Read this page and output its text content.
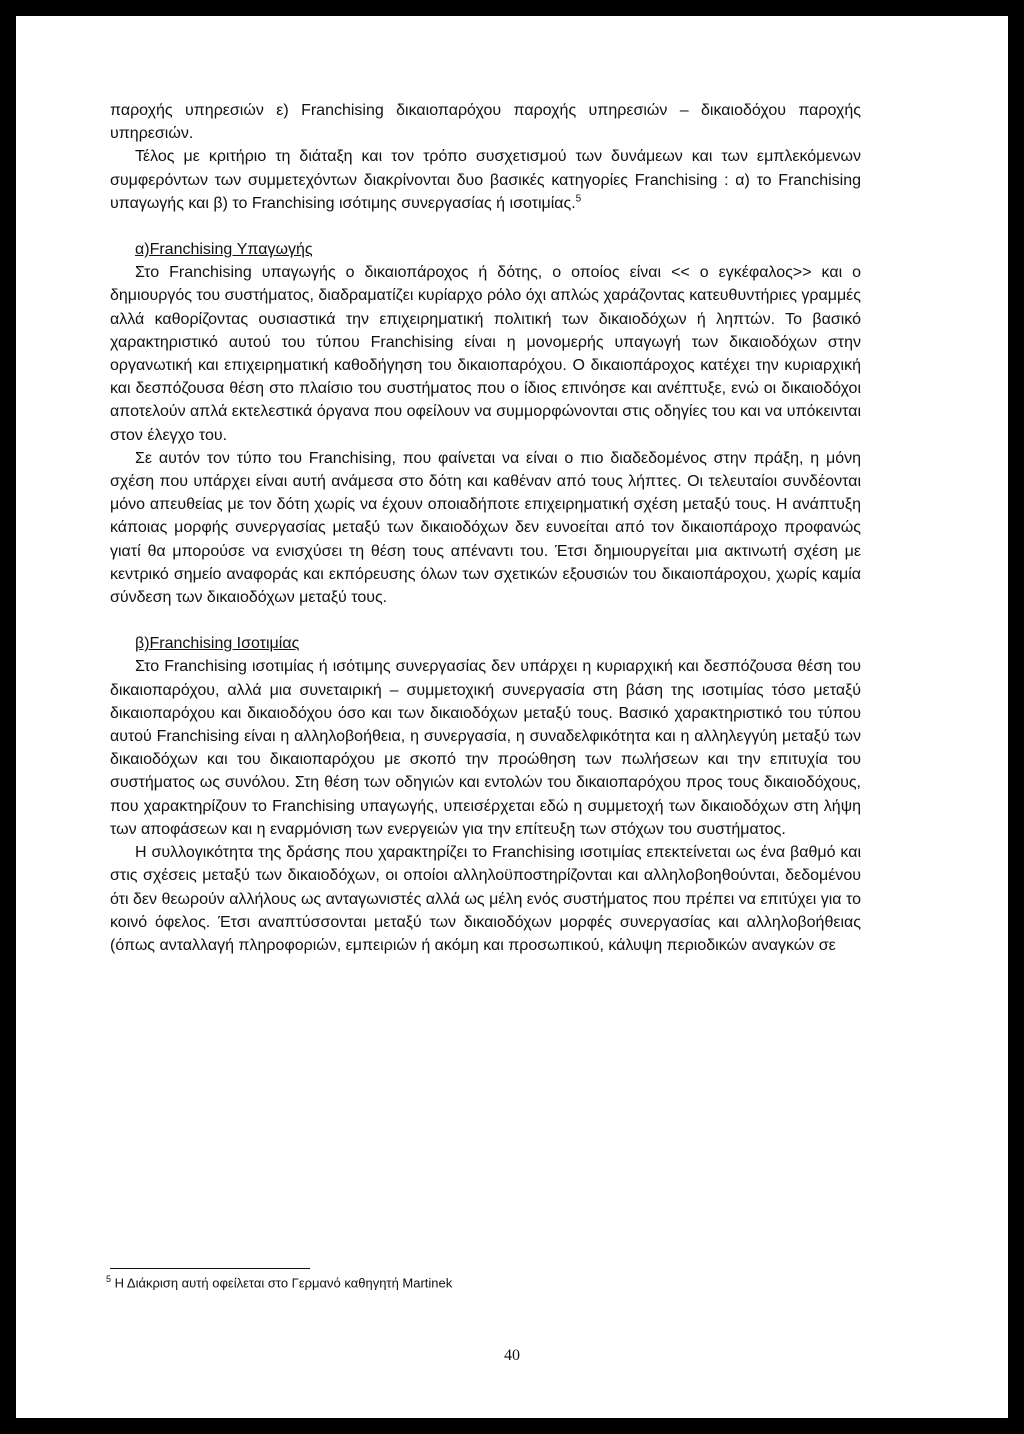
παροχής υπηρεσιών ε) Franchising δικαιοπαρόχου παροχής υπηρεσιών – δικαιοδόχου παροχής υπηρεσιών.

Τέλος με κριτήριο τη διάταξη και τον τρόπο συσχετισμού των δυνάμεων και των εμπλεκόμενων συμφερόντων των συμμετεχόντων διακρίνονται δυο βασικές κατηγορίες Franchising : α) το Franchising υπαγωγής και β) το Franchising ισότιμης συνεργασίας ή ισοτιμίας.$^5$

α)Franchising Υπαγωγής

Στο Franchising υπαγωγής ο δικαιοπάροχος ή δότης, ο οποίος είναι << ο εγκέφαλος>> και ο δημιουργός του συστήματος, διαδραματίζει κυρίαρχο ρόλο όχι απλώς χαράζοντας κατευθυντήριες γραμμές αλλά καθορίζοντας ουσιαστικά την επιχειρηματική πολιτική των δικαιοδόχων ή ληπτών. Το βασικό χαρακτηριστικό αυτού του τύπου Franchising είναι η μονομερής υπαγωγή των δικαιοδόχων στην οργανωτική και επιχειρηματική καθοδήγηση του δικαιοπαρόχου. Ο δικαιοπάροχος κατέχει την κυριαρχική και δεσπόζουσα θέση στο πλαίσιο του συστήματος που ο ίδιος επινόησε και ανέπτυξε, ενώ οι δικαιοδόχοι αποτελούν απλά εκτελεστικά όργανα που οφείλουν να συμμορφώνονται στις οδηγίες του και να υπόκεινται στον έλεγχο του.

Σε αυτόν τον τύπο του Franchising, που φαίνεται να είναι ο πιο διαδεδομένος στην πράξη, η μόνη σχέση που υπάρχει είναι αυτή ανάμεσα στο δότη και καθέναν από τους λήπτες. Οι τελευταίοι συνδέονται μόνο απευθείας με τον δότη χωρίς να έχουν οποιαδήποτε επιχειρηματική σχέση μεταξύ τους. Η ανάπτυξη κάποιας μορφής συνεργασίας μεταξύ των δικαιοδόχων δεν ευνοείται από τον δικαιοπάροχο προφανώς γιατί θα μπορούσε να ενισχύσει τη θέση τους απέναντι του. Έτσι δημιουργείται μια ακτινωτή σχέση με κεντρικό σημείο αναφοράς και εκπόρευσης όλων των σχετικών εξουσιών του δικαιοπάροχου, χωρίς καμία σύνδεση των δικαιοδόχων μεταξύ τους.

β)Franchising Ισοτιμίας

Στο Franchising ισοτιμίας ή ισότιμης συνεργασίας δεν υπάρχει η κυριαρχική και δεσπόζουσα θέση του δικαιοπαρόχου, αλλά μια συνεταιρική – συμμετοχική συνεργασία στη βάση της ισοτιμίας τόσο μεταξύ δικαιοπαρόχου και δικαιοδόχου όσο και των δικαιοδόχων μεταξύ τους. Βασικό χαρακτηριστικό του τύπου αυτού Franchising είναι η αλληλοβοήθεια, η συνεργασία, η συναδελφικότητα και η αλληλεγγύη μεταξύ των δικαιοδόχων και του δικαιοπαρόχου με σκοπό την προώθηση των πωλήσεων και την επιτυχία του συστήματος ως συνόλου. Στη θέση των οδηγιών και εντολών του δικαιοπαρόχου προς τους δικαιοδόχους, που χαρακτηρίζουν το Franchising υπαγωγής, υπεισέρχεται εδώ η συμμετοχή των δικαιοδόχων στη λήψη των αποφάσεων και η εναρμόνιση των ενεργειών για την επίτευξη των στόχων του συστήματος.

Η συλλογικότητα της δράσης που χαρακτηρίζει το Franchising ισοτιμίας επεκτείνεται ως ένα βαθμό και στις σχέσεις μεταξύ των δικαιοδόχων, οι οποίοι αλληλοϋποστηρίζονται και αλληλοβοηθούνται, δεδομένου ότι δεν θεωρούν αλλήλους ως ανταγωνιστές αλλά ως μέλη ενός συστήματος που πρέπει να επιτύχει για το κοινό όφελος. Έτσι αναπτύσσονται μεταξύ των δικαιοδόχων μορφές συνεργασίας και αλληλοβοήθειας (όπως ανταλλαγή πληροφοριών, εμπειριών ή ακόμη και προσωπικού, κάλυψη περιοδικών αναγκών σε

$^5$ Η Διάκριση αυτή οφείλεται στο Γερμανό καθηγητή Martinek
40
